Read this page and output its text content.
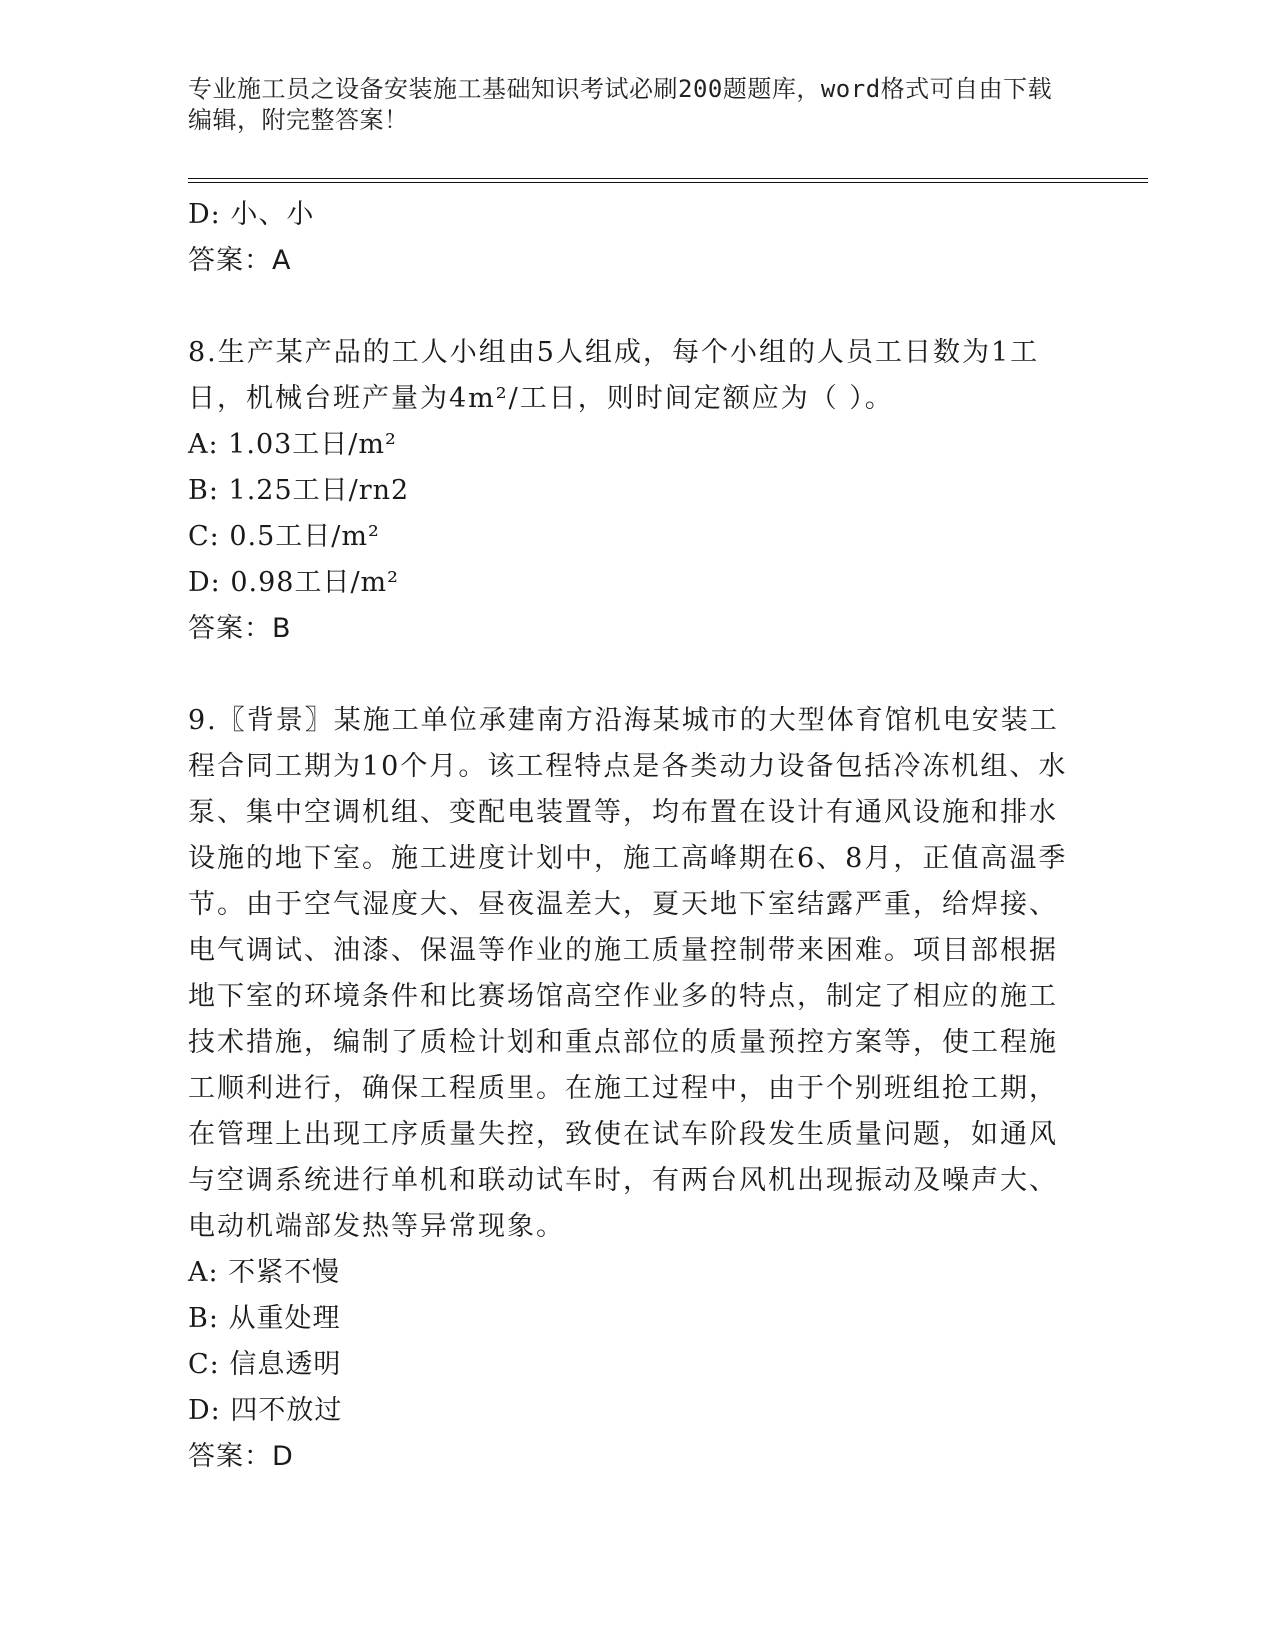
专业施工员之设备安装施工基础知识考试必刷200题题库，word格式可自由下载编辑，附完整答案！
D: 小、小
答案：A
8.生产某产品的工人小组由5人组成，每个小组的人员工日数为1工日，机械台班产量为4m²/工日，则时间定额应为（ ）。
A: 1.03工日/m²
B: 1.25工日/rn2
C: 0.5工日/m²
D: 0.98工日/m²
答案：B
9.〖背景〗某施工单位承建南方沿海某城市的大型体育馆机电安装工程合同工期为10个月。该工程特点是各类动力设备包括冷冻机组、水泵、集中空调机组、变配电装置等，均布置在设计有通风设施和排水设施的地下室。施工进度计划中，施工高峰期在6、8月，正值高温季节。由于空气湿度大、昼夜温差大，夏天地下室结露严重，给焊接、电气调试、油漆、保温等作业的施工质量控制带来困难。项目部根据地下室的环境条件和比赛场馆高空作业多的特点，制定了相应的施工技术措施，编制了质检计划和重点部位的质量预控方案等，使工程施工顺利进行，确保工程质里。在施工过程中，由于个别班组抢工期，在管理上出现工序质量失控，致使在试车阶段发生质量问题，如通风与空调系统进行单机和联动试车时，有两台风机出现振动及噪声大、电动机端部发热等异常现象。
A: 不紧不慢
B: 从重处理
C: 信息透明
D: 四不放过
答案：D
